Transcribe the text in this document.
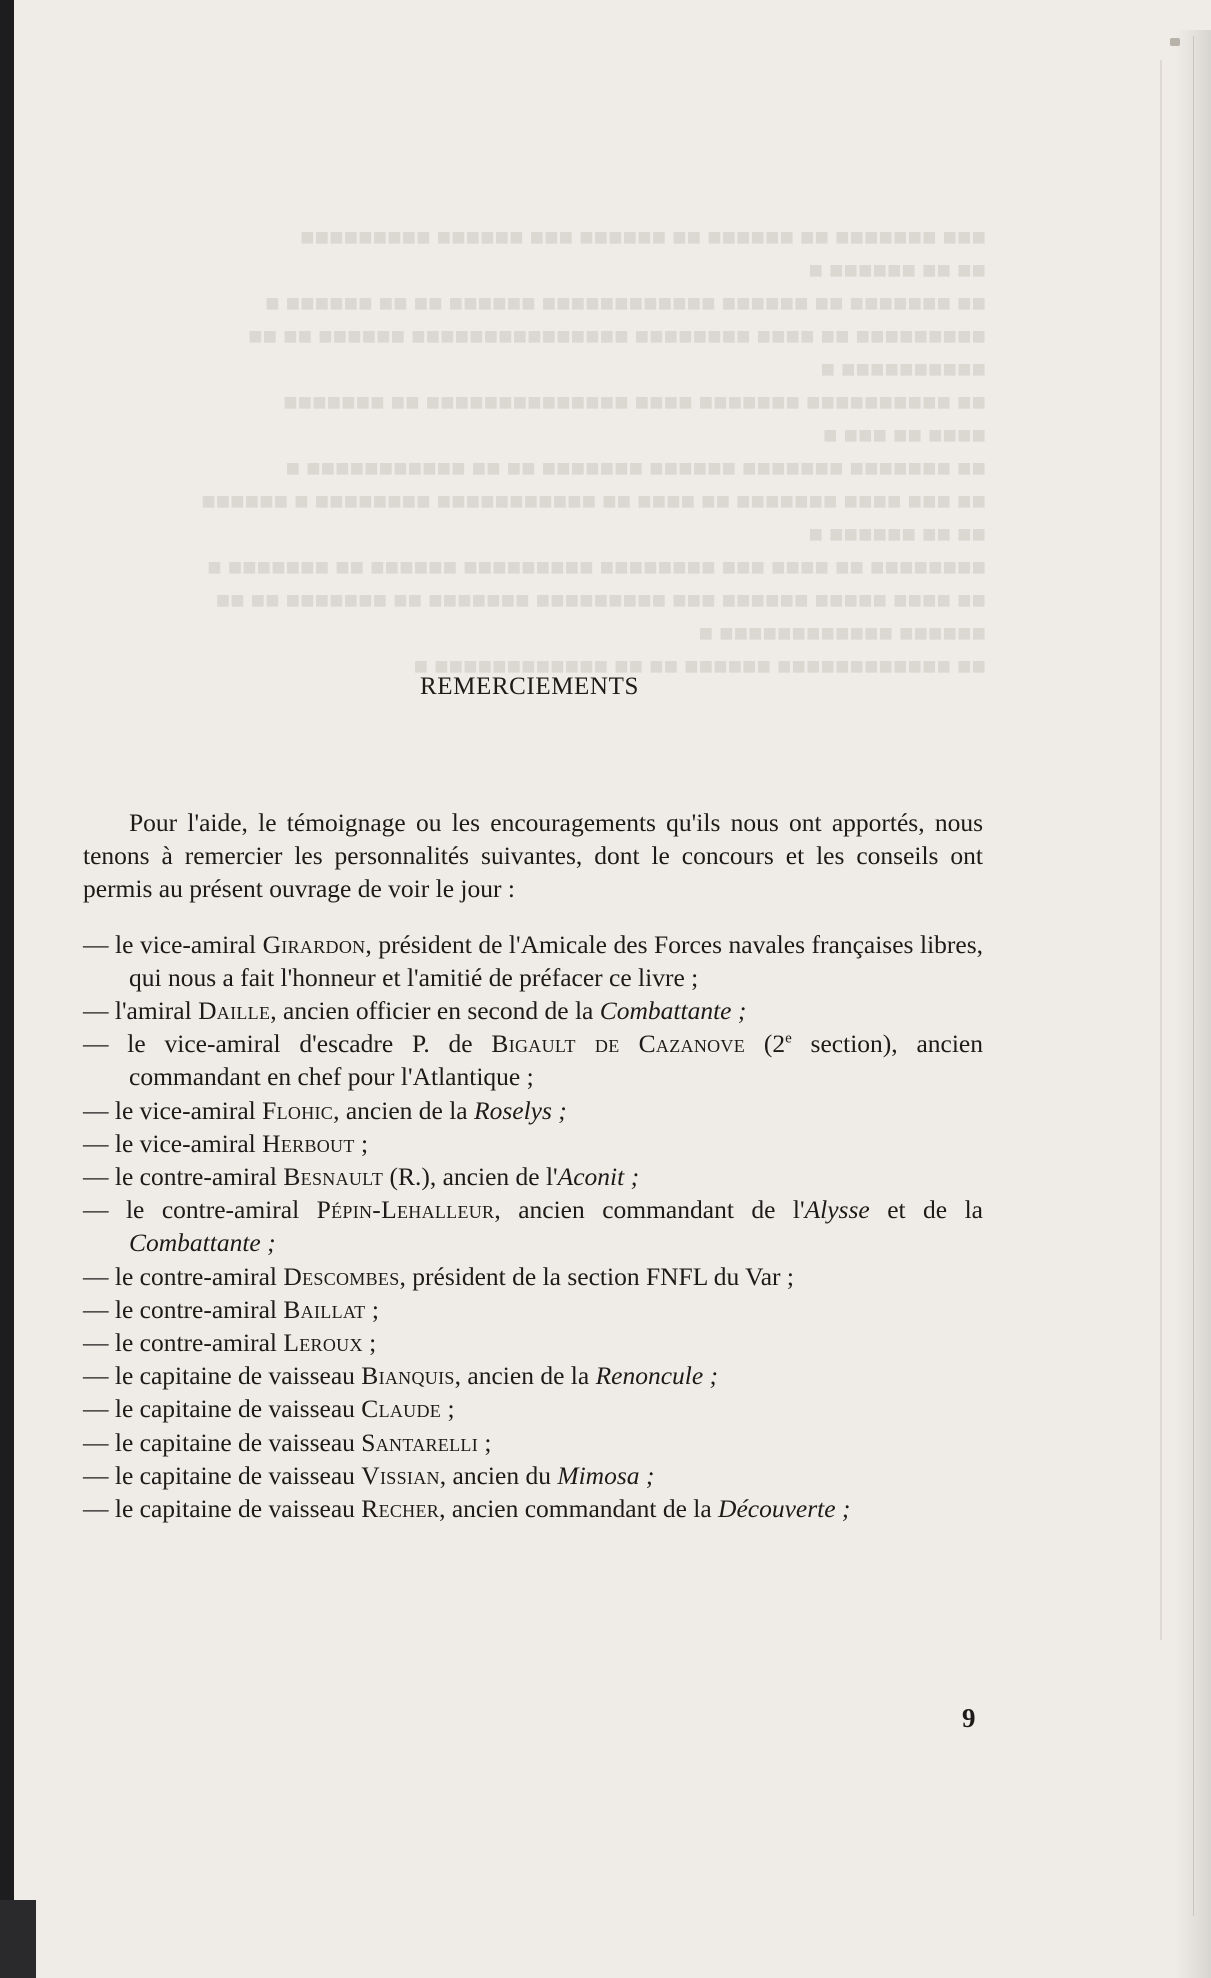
■■■ ■■■■■■■ ■■ ■■■■■■ ■■ ■■■■■■ ■■■ ■■■■■■ ■■■■■■■■■

■■ ■■ ■■■■■■ ■

■■ ■■■■■■■ ■■ ■■■■■■ ■■■■■■■■■■■■ ■■■■■■ ■■ ■■ ■■■■■■ ■

■■■■■■■■■ ■■ ■■■■ ■■■■■■■■ ■■■■■■■■■■■■■■■ ■■■■■■ ■■ ■■

■■■■■■■■■■ ■

■■ ■■■■■■■■■■ ■■■■■■■ ■■■■ ■■■■■■■■■■■■■■ ■■ ■■■■■■■

■■■■ ■■ ■■■ ■

■■ ■■■■■■■ ■■■■■■■ ■■■■■■ ■■■■■■■ ■■ ■■ ■■■■■■■■■■■ ■

■■ ■■■ ■■■■ ■■■■■■■ ■■ ■■■■ ■■ ■■■■■■■■■■■ ■■■■■■■■ ■ ■■■■■■

■■ ■■ ■■■■■■ ■

■■■■■■■■ ■■ ■■■■ ■■■ ■■■■■■■■ ■■■■■■■■■ ■■■■■■ ■■ ■■■■■■■ ■

■■ ■■■■ ■■■■■ ■■■■■■ ■■■ ■■■■■■■■■ ■■■■■■■ ■■ ■■■■■■■ ■■ ■■

■■■■■■ ■■■■■■■■■■■■ ■

■■ ■■■■■■■■■■■■ ■■■■■■ ■■ ■■ ■■■■■■■■■■■■ ■

REMERCIEMENTS

Pour l'aide, le témoignage ou les encouragements qu'ils nous ont apportés, nous tenons à remercier les personnalités suivantes, dont le concours et les conseils ont permis au présent ouvrage de voir le jour :

— le vice-amiral Girardon, président de l'Amicale des Forces navales françaises libres, qui nous a fait l'honneur et l'amitié de préfacer ce livre ;
— l'amiral Daille, ancien officier en second de la Combattante ;
— le vice-amiral d'escadre P. de Bigault de Cazanove (2e section), ancien commandant en chef pour l'Atlantique ;
— le vice-amiral Flohic, ancien de la Roselys ;
— le vice-amiral Herbout ;
— le contre-amiral Besnault (R.), ancien de l'Aconit ;
— le contre-amiral Pépin-Lehalleur, ancien commandant de l'Alysse et de la Combattante ;
— le contre-amiral Descombes, président de la section FNFL du Var ;
— le contre-amiral Baillat ;
— le contre-amiral Leroux ;
— le capitaine de vaisseau Bianquis, ancien de la Renoncule ;
— le capitaine de vaisseau Claude ;
— le capitaine de vaisseau Santarelli ;
— le capitaine de vaisseau Vissian, ancien du Mimosa ;
— le capitaine de vaisseau Recher, ancien commandant de la Découverte ;
9
